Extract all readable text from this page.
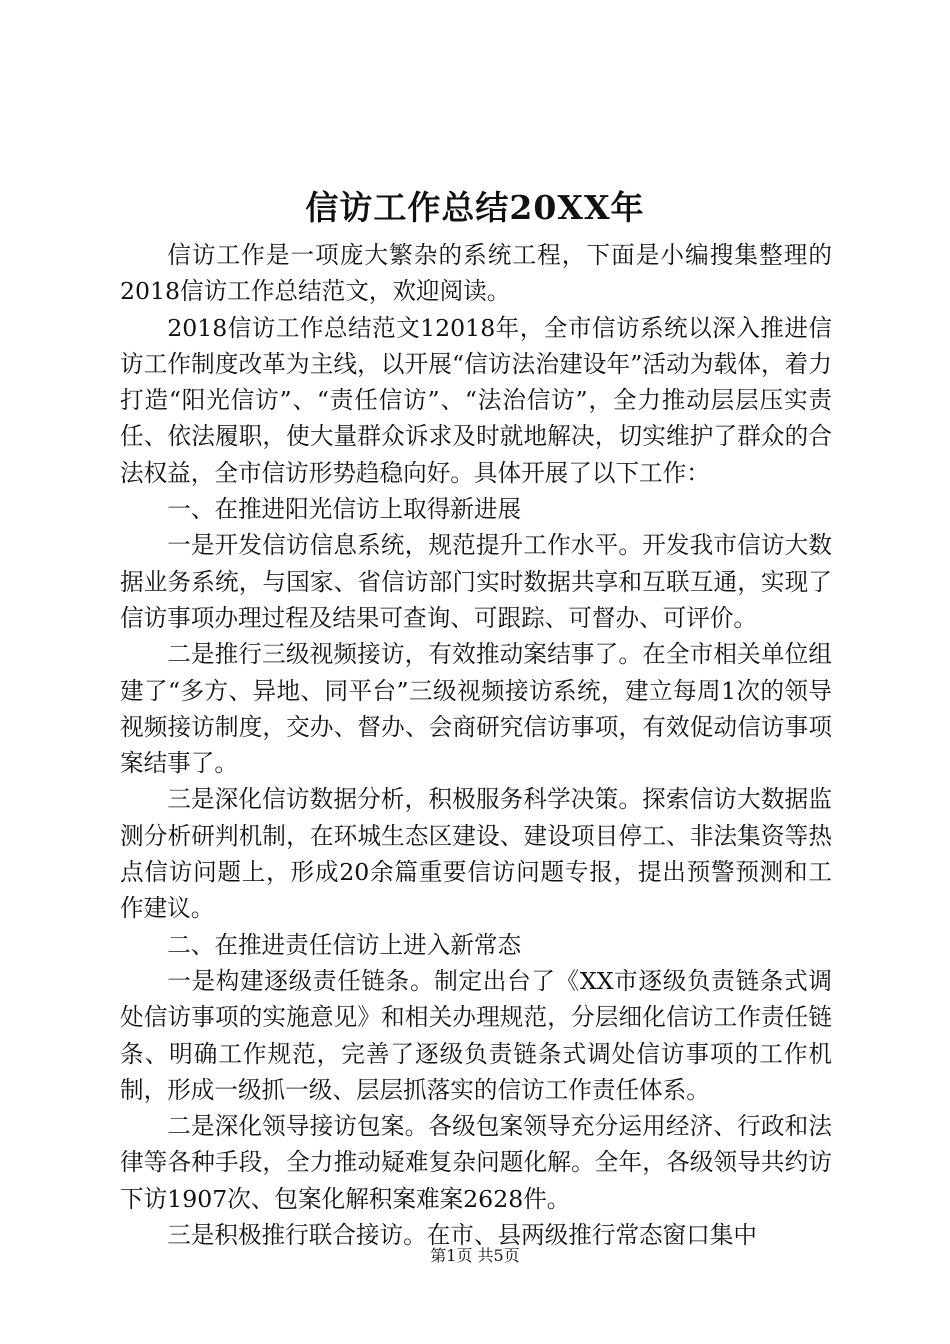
信访工作总结20XX年

信访工作是一项庞大繁杂的系统工程，下面是小编搜集整理的2018信访工作总结范文，欢迎阅读。

2018信访工作总结范文12018年，全市信访系统以深入推进信访工作制度改革为主线，以开展“信访法治建设年”活动为载体，着力打造“阳光信访”、“责任信访”、“法治信访”，全力推动层层压实责任、依法履职，使大量群众诉求及时就地解决，切实维护了群众的合法权益，全市信访形势趋稳向好。具体开展了以下工作：

一、在推进阳光信访上取得新进展

一是开发信访信息系统，规范提升工作水平。开发我市信访大数据业务系统，与国家、省信访部门实时数据共享和互联互通，实现了信访事项办理过程及结果可查询、可跟踪、可督办、可评价。

二是推行三级视频接访，有效推动案结事了。在全市相关单位组建了“多方、异地、同平台”三级视频接访系统，建立每周1次的领导视频接访制度，交办、督办、会商研究信访事项，有效促动信访事项案结事了。

三是深化信访数据分析，积极服务科学决策。探索信访大数据监测分析研判机制，在环城生态区建设、建设项目停工、非法集资等热点信访问题上，形成20余篇重要信访问题专报，提出预警预测和工作建议。

二、在推进责任信访上进入新常态

一是构建逐级责任链条。制定出台了《XX市逐级负责链条式调处信访事项的实施意见》和相关办理规范，分层细化信访工作责任链条、明确工作规范，完善了逐级负责链条式调处信访事项的工作机制，形成一级抓一级、层层抓落实的信访工作责任体系。

二是深化领导接访包案。各级包案领导充分运用经济、行政和法律等各种手段，全力推动疑难复杂问题化解。全年，各级领导共约访下访1907次、包案化解积案难案2628件。

三是积极推行联合接访。在市、县两级推行常态窗口集中

第1页 共5页
